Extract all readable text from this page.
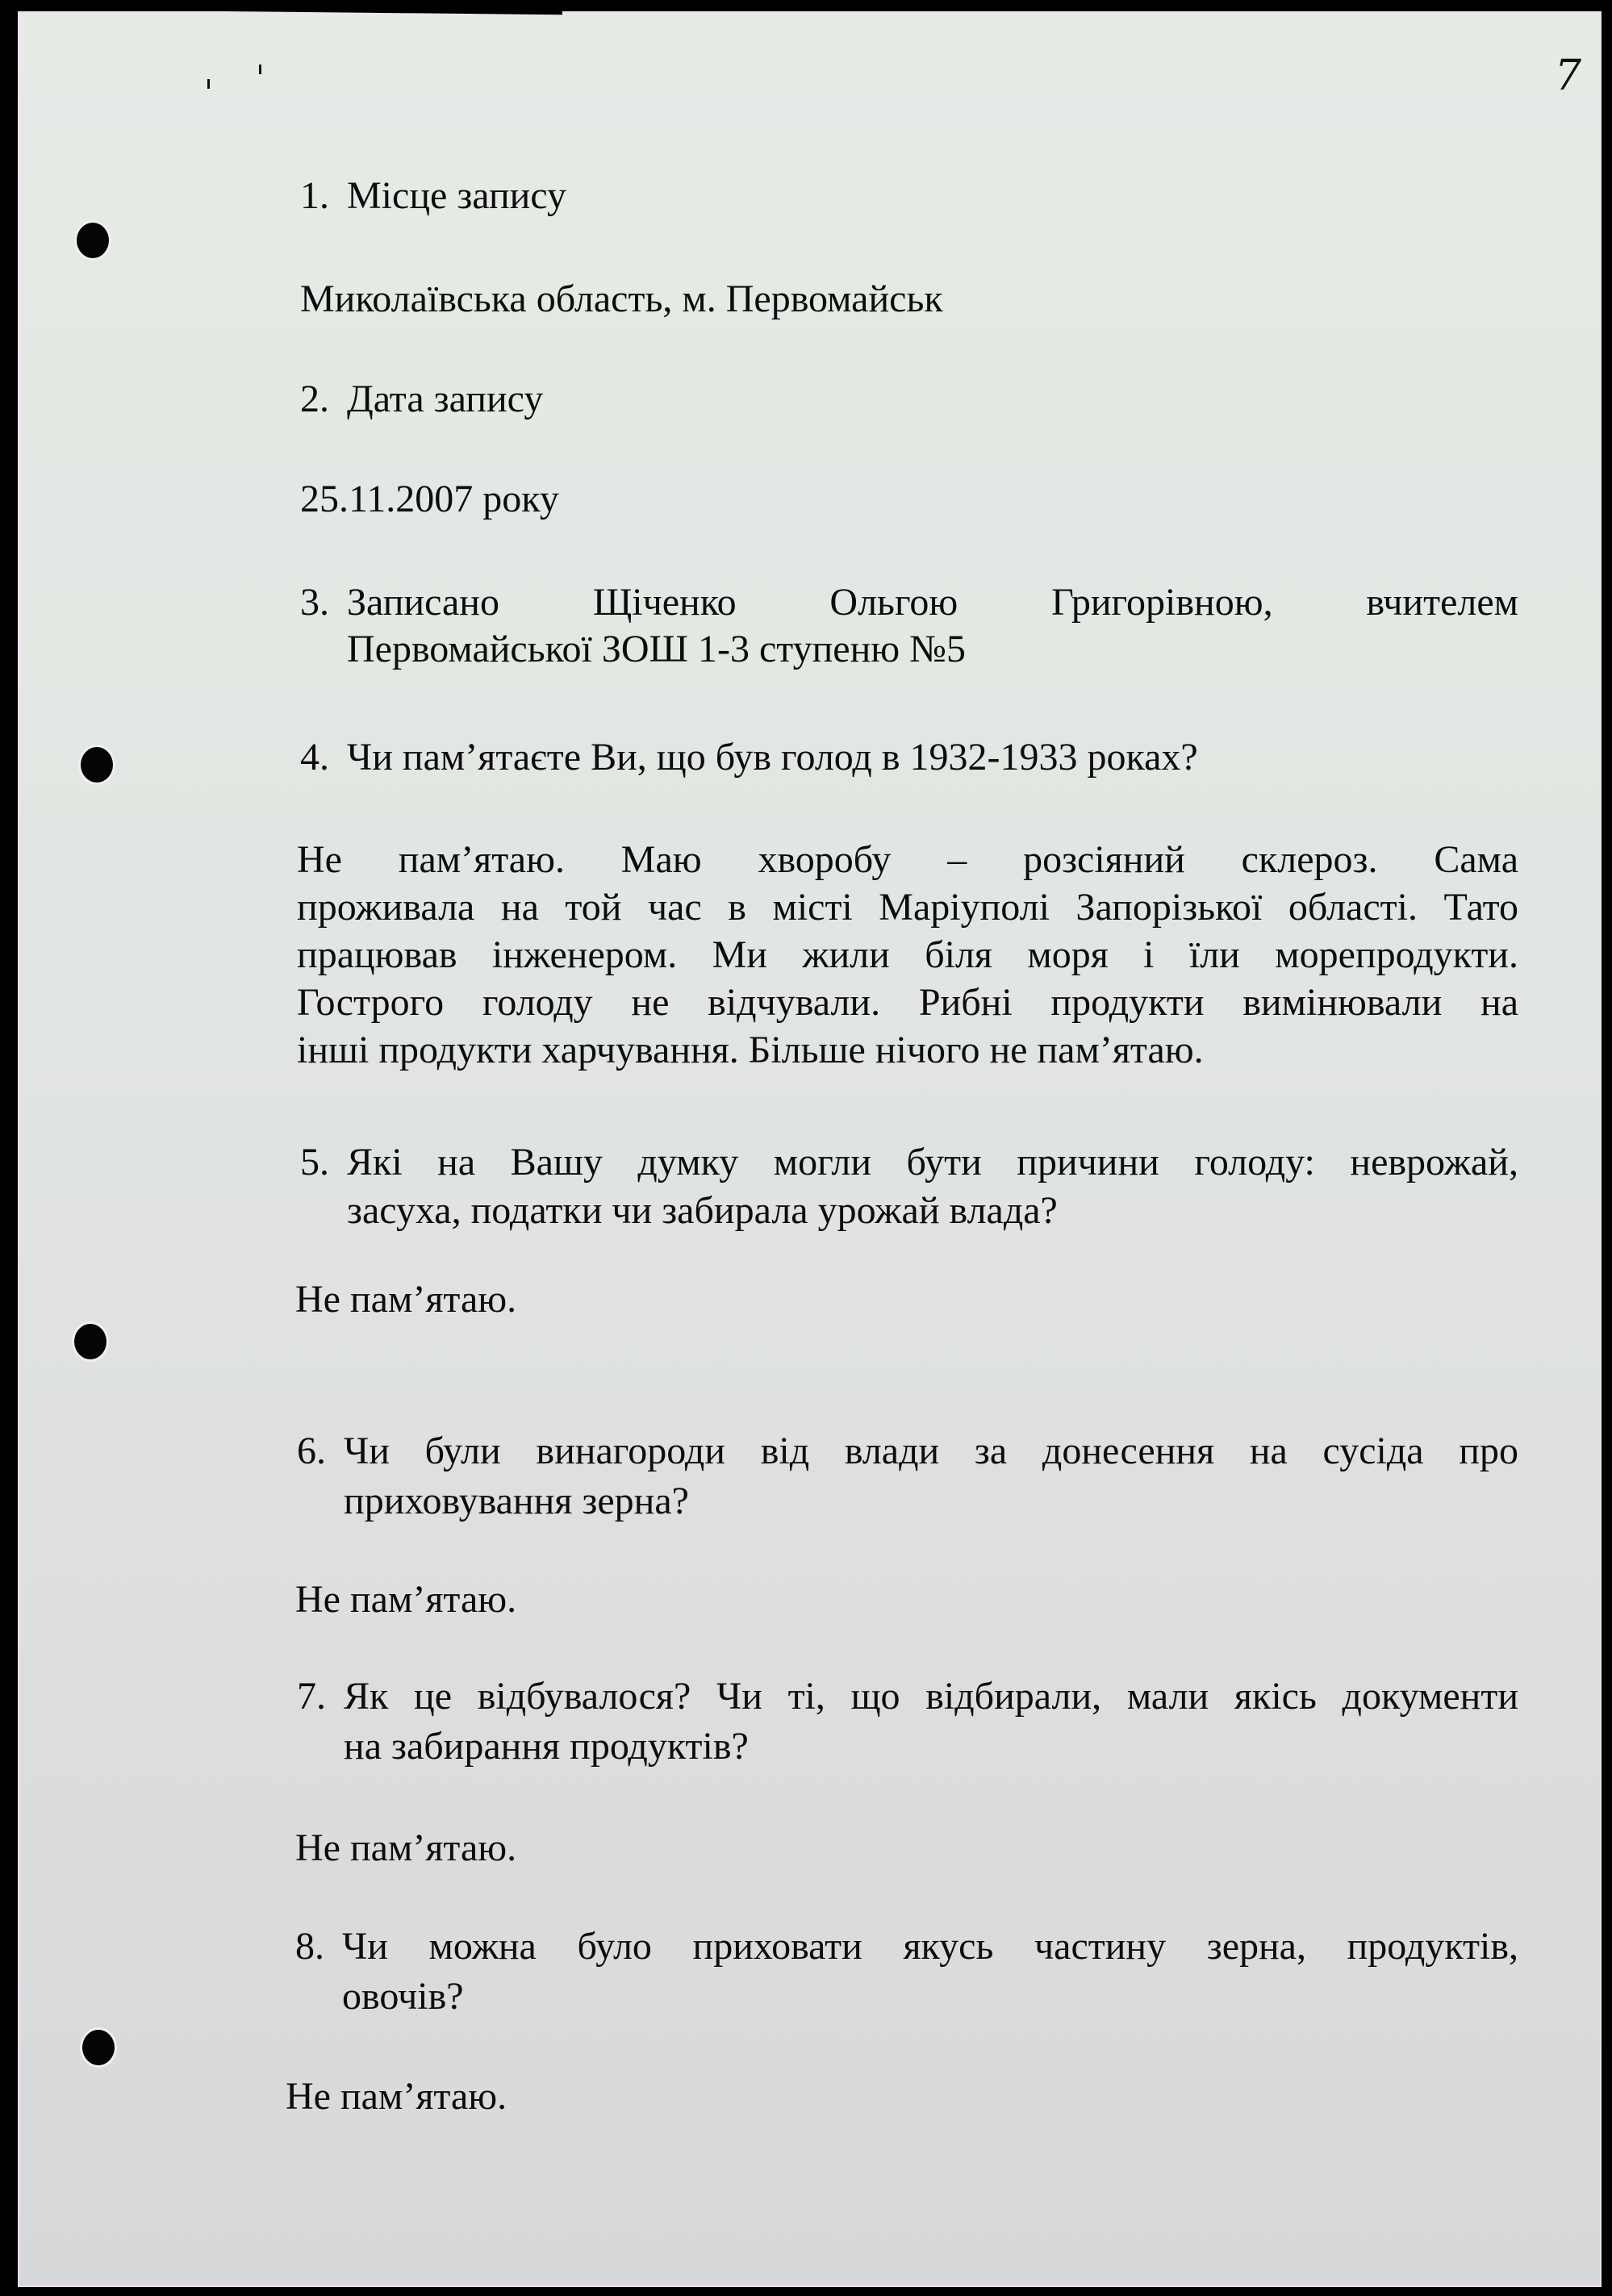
7
1. Місце запису
Миколаївська область, м. Первомайськ
2. Дата запису
25.11.2007 року
3. Записано Щіченко Ольгою Григорівною, вчителем
Первомайської ЗОШ 1-3 ступеню №5
4. Чи пам’ятаєте Ви, що був голод в 1932-1933 роках?
Не пам’ятаю. Маю хворобу – розсіяний склероз. Сама
проживала на той час в місті Маріуполі Запорізької області. Тато
працював інженером. Ми жили біля моря і їли морепродукти.
Гострого голоду не відчували. Рибні продукти вимінювали на
інші продукти харчування. Більше нічого не пам’ятаю.
5. Які на Вашу думку могли бути причини голоду: неврожай,
засуха, податки чи забирала урожай влада?
Не пам’ятаю.
6. Чи були винагороди від влади за донесення на сусіда про
приховування зерна?
Не пам’ятаю.
7. Як це відбувалося? Чи ті, що відбирали, мали якісь документи
на забирання продуктів?
Не пам’ятаю.
8. Чи можна було приховати якусь частину зерна, продуктів,
овочів?
Не пам’ятаю.
